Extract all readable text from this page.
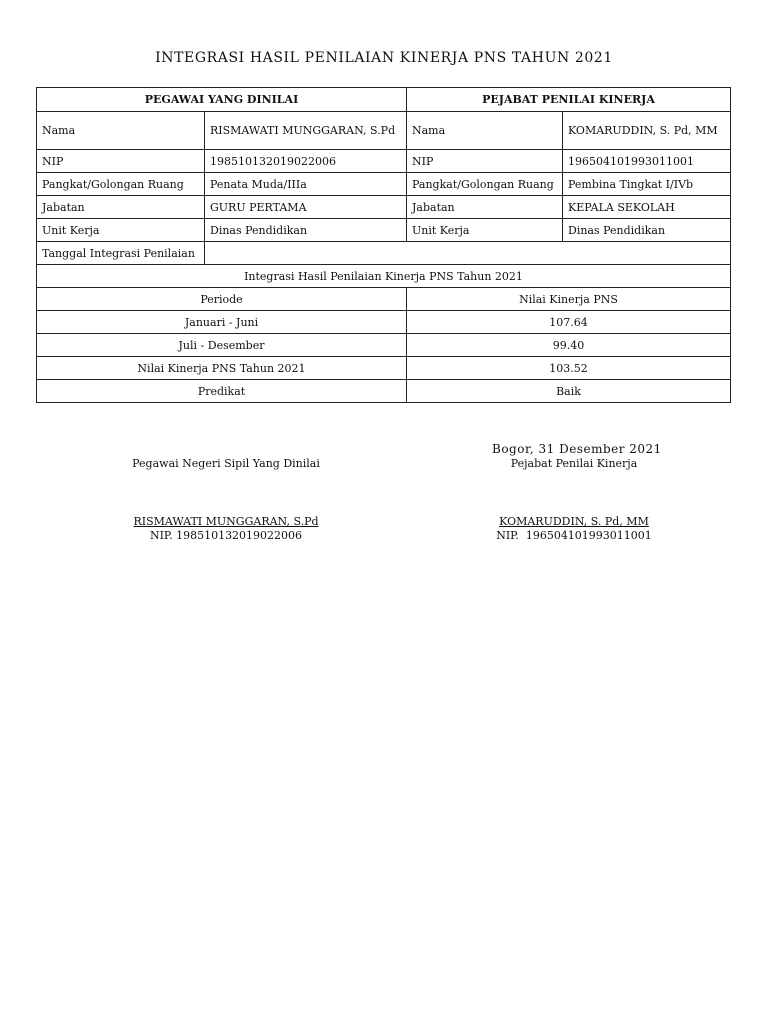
INTEGRASI HASIL PENILAIAN KINERJA PNS TAHUN 2021
PEGAWAI YANG DINILAI		PEJABAT PENILAI KINERJA	
Nama	RISMAWATI MUNGGARAN, S.Pd	Nama	KOMARUDDIN, S. Pd, MM
NIP	198510132019022006	NIP	196504101993011001
Pangkat/Golongan Ruang	Penata Muda/IIIa	Pangkat/Golongan Ruang	Pembina Tingkat I/IVb
Jabatan	GURU PERTAMA	Jabatan	KEPALA SEKOLAH
Unit Kerja	Dinas Pendidikan	Unit Kerja	Dinas Pendidikan
Tanggal Integrasi Penilaian			
Integrasi Hasil Penilaian Kinerja PNS Tahun 2021			
Periode		Nilai Kinerja PNS	
Januari - Juni		107.64	
Juli - Desember		99.40	
Nilai Kinerja PNS Tahun 2021		103.52	
Predikat		Baik	
Bogor, 31 Desember 2021
Pegawai Negeri Sipil Yang Dinilai	Pejabat Penilai Kinerja
RISMAWATI MUNGGARAN, S.Pd
NIP. 198510132019022006
KOMARUDDIN, S. Pd, MM
NIP.  196504101993011001
